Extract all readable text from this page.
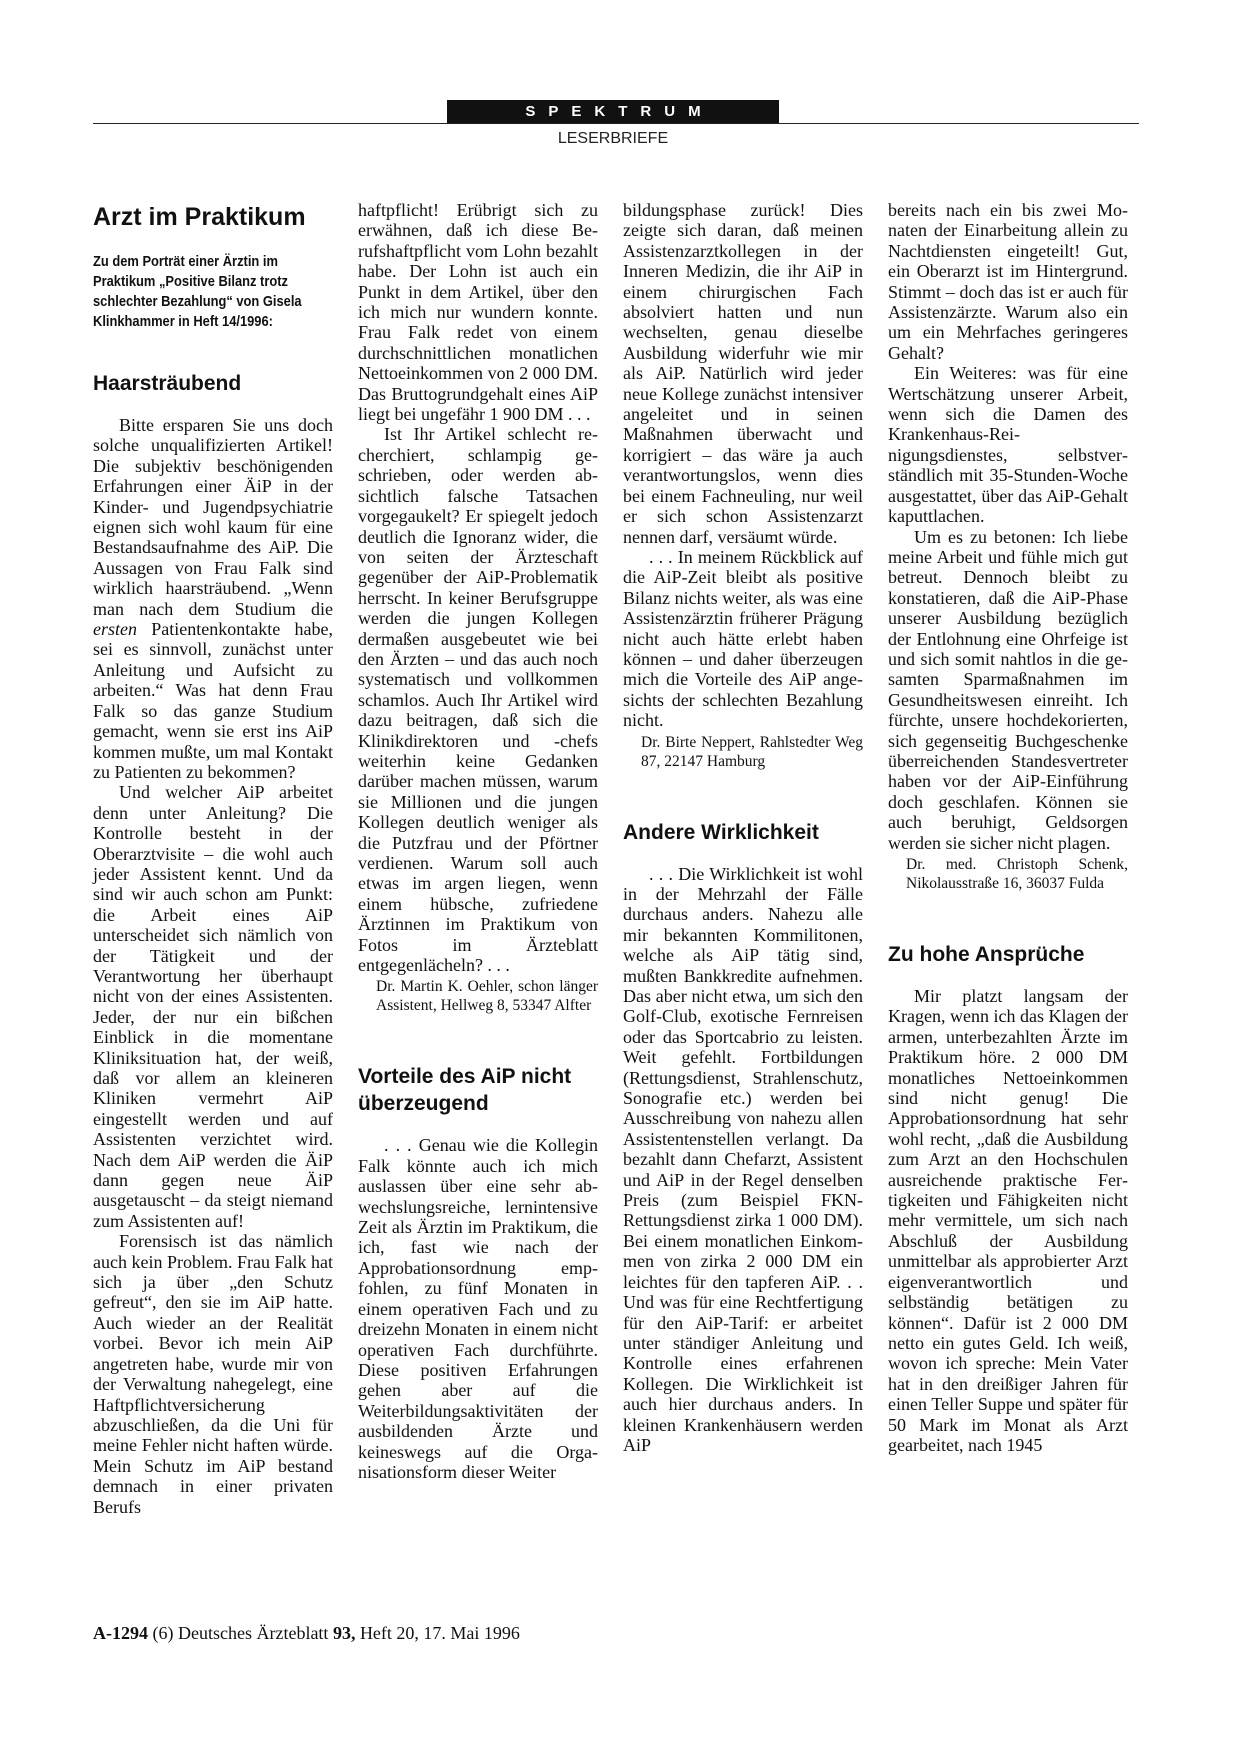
SPEKTRUM
LESERBRIEFE
Arzt im Praktikum
Zu dem Porträt einer Ärztin im Praktikum „Positive Bilanz trotz schlechter Bezahlung“ von Gisela Klinkhammer in Heft 14/1996:
Haarsträubend

Bitte ersparen Sie uns doch solche unqualifizierten Artikel! Die subjektiv beschönigenden Erfahrungen einer ÄiP in der Kinder- und Jugendpsychiatrie eignen sich wohl kaum für eine Bestandsaufnahme des AiP. Die Aussagen von Frau Falk sind wirklich haarsträubend. „Wenn man nach dem Studium die ersten Patientenkontakte habe, sei es sinnvoll, zunächst unter Anleitung und Aufsicht zu arbeiten.“ Was hat denn Frau Falk so das ganze Studium gemacht, wenn sie erst ins AiP kommen mußte, um mal Kontakt zu Patienten zu bekommen?

Und welcher AiP arbeitet denn unter Anleitung? Die Kontrolle besteht in der Oberarztvisite – die wohl auch jeder Assistent kennt. Und da sind wir auch schon am Punkt: die Arbeit eines AiP unterscheidet sich nämlich von der Tätigkeit und der Verantwortung her überhaupt nicht von der eines Assistenten. Jeder, der nur ein bißchen Einblick in die momentane Kliniksituation hat, der weiß, daß vor allem an kleineren Kliniken vermehrt AiP eingestellt werden und auf Assistenten verzichtet wird. Nach dem AiP werden die ÄiP dann gegen neue ÄiP ausgetauscht – da steigt niemand zum Assistenten auf!

Forensisch ist das nämlich auch kein Problem. Frau Falk hat sich ja über „den Schutz gefreut“, den sie im AiP hatte. Auch wieder an der Realität vorbei. Bevor ich mein AiP angetreten habe, wurde mir von der Verwaltung nahegelegt, eine Haftpflichtversicherung abzuschließen, da die Uni für meine Fehler nicht haften würde. Mein Schutz im AiP bestand demnach in einer privaten Berufs

haftpflicht! Erübrigt sich zu erwähnen, daß ich diese Berufshaftpflicht vom Lohn bezahlt habe. Der Lohn ist auch ein Punkt in dem Artikel, über den ich mich nur wundern konnte. Frau Falk redet von einem durchschnittlichen monatlichen Nettoeinkommen von 2 000 DM. Das Bruttogrundgehalt eines AiP liegt bei ungefähr 1 900 DM . . .

Ist Ihr Artikel schlecht recherchiert, schlampig geschrieben, oder werden absichtlich falsche Tatsachen vorgegaukelt? Er spiegelt jedoch deutlich die Ignoranz wider, die von seiten der Ärzteschaft gegenüber der AiP-Problematik herrscht. In keiner Berufsgruppe werden die jungen Kollegen dermaßen ausgebeutet wie bei den Ärzten – und das auch noch systematisch und vollkommen schamlos. Auch Ihr Artikel wird dazu beitragen, daß sich die Klinikdirektoren und -chefs weiterhin keine Gedanken darüber machen müssen, warum sie Millionen und die jungen Kollegen deutlich weniger als die Putzfrau und der Pförtner verdienen. Warum soll auch etwas im argen liegen, wenn einem hübsche, zufriedene Ärztinnen im Praktikum von Fotos im Ärzteblatt entgegenlächeln? . . .

Dr. Martin K. Oehler, schon länger Assistent, Hellweg 8, 53347 Alfter
Vorteile des AiP nicht überzeugend

. . . Genau wie die Kollegin Falk könnte auch ich mich auslassen über eine sehr abwechslungsreiche, lernintensive Zeit als Ärztin im Praktikum, die ich, fast wie nach der Approbationsordnung empfohlen, zu fünf Monaten in einem operativen Fach und zu dreizehn Monaten in einem nicht operativen Fach durchführte. Diese positiven Erfahrungen gehen aber auf die Weiterbildungsaktivitäten der ausbildenden Ärzte und keineswegs auf die Organisationsform dieser Weiter

bildungsphase zurück! Dies zeigte sich daran, daß meinen Assistenzarztkollegen in der Inneren Medizin, die ihr AiP in einem chirurgischen Fach absolviert hatten und nun wechselten, genau dieselbe Ausbildung widerfuhr wie mir als AiP. Natürlich wird jeder neue Kollege zunächst intensiver angeleitet und in seinen Maßnahmen überwacht und korrigiert – das wäre ja auch verantwortungslos, wenn dies bei einem Fachneuling, nur weil er sich schon Assistenzarzt nennen darf, versäumt würde.

. . . In meinem Rückblick auf die AiP-Zeit bleibt als positive Bilanz nichts weiter, als was eine Assistenzärztin früherer Prägung nicht auch hätte erlebt haben können – und daher überzeugen mich die Vorteile des AiP angesichts der schlechten Bezahlung nicht.

Dr. Birte Neppert, Rahlstedter Weg 87, 22147 Hamburg
Andere Wirklichkeit

. . . Die Wirklichkeit ist wohl in der Mehrzahl der Fälle durchaus anders. Nahezu alle mir bekannten Kommilitonen, welche als AiP tätig sind, mußten Bankkredite aufnehmen. Das aber nicht etwa, um sich den Golf-Club, exotische Fernreisen oder das Sportcabrio zu leisten. Weit gefehlt. Fortbildungen (Rettungsdienst, Strahlenschutz, Sonografie etc.) werden bei Ausschreibung von nahezu allen Assistentenstellen verlangt. Da bezahlt dann Chefarzt, Assistent und AiP in der Regel denselben Preis (zum Beispiel FKN-Rettungsdienst zirka 1 000 DM). Bei einem monatlichen Einkommen von zirka 2 000 DM ein leichtes für den tapferen AiP. . . Und was für eine Rechtfertigung für den AiP-Tarif: er arbeitet unter ständiger Anleitung und Kontrolle eines erfahrenen Kollegen. Die Wirklichkeit ist auch hier durchaus anders. In kleinen Krankenhäusern werden AiP

bereits nach ein bis zwei Monaten der Einarbeitung allein zu Nachtdiensten eingeteilt! Gut, ein Oberarzt ist im Hintergrund. Stimmt – doch das ist er auch für Assistenzärzte. Warum also ein um ein Mehrfaches geringeres Gehalt?

Ein Weiteres: was für eine Wertschätzung unserer Arbeit, wenn sich die Damen des Krankenhaus-Reinigungsdienstes, selbstverständlich mit 35-Stunden-Woche ausgestattet, über das AiP-Gehalt kaputtlachen.

Um es zu betonen: Ich liebe meine Arbeit und fühle mich gut betreut. Dennoch bleibt zu konstatieren, daß die AiP-Phase unserer Ausbildung bezüglich der Entlohnung eine Ohrfeige ist und sich somit nahtlos in die gesamten Sparmaßnahmen im Gesundheitswesen einreiht. Ich fürchte, unsere hochdekorierten, sich gegenseitig Buchgeschenke überreichenden Standesvertreter haben vor der AiP-Einführung doch geschlafen. Können sie auch beruhigt, Geldsorgen werden sie sicher nicht plagen.

Dr. med. Christoph Schenk, Nikolausstraße 16, 36037 Fulda
Zu hohe Ansprüche

Mir platzt langsam der Kragen, wenn ich das Klagen der armen, unterbezahlten Ärzte im Praktikum höre. 2 000 DM monatliches Nettoeinkommen sind nicht genug! Die Approbationsordnung hat sehr wohl recht, „daß die Ausbildung zum Arzt an den Hochschulen ausreichende praktische Fertigkeiten und Fähigkeiten nicht mehr vermittele, um sich nach Abschluß der Ausbildung unmittelbar als approbierter Arzt eigenverantwortlich und selbständig betätigen zu können“. Dafür ist 2 000 DM netto ein gutes Geld. Ich weiß, wovon ich spreche: Mein Vater hat in den dreißiger Jahren für einen Teller Suppe und später für 50 Mark im Monat als Arzt gearbeitet, nach 1945

A-1294 (6) Deutsches Ärzteblatt 93, Heft 20, 17. Mai 1996
